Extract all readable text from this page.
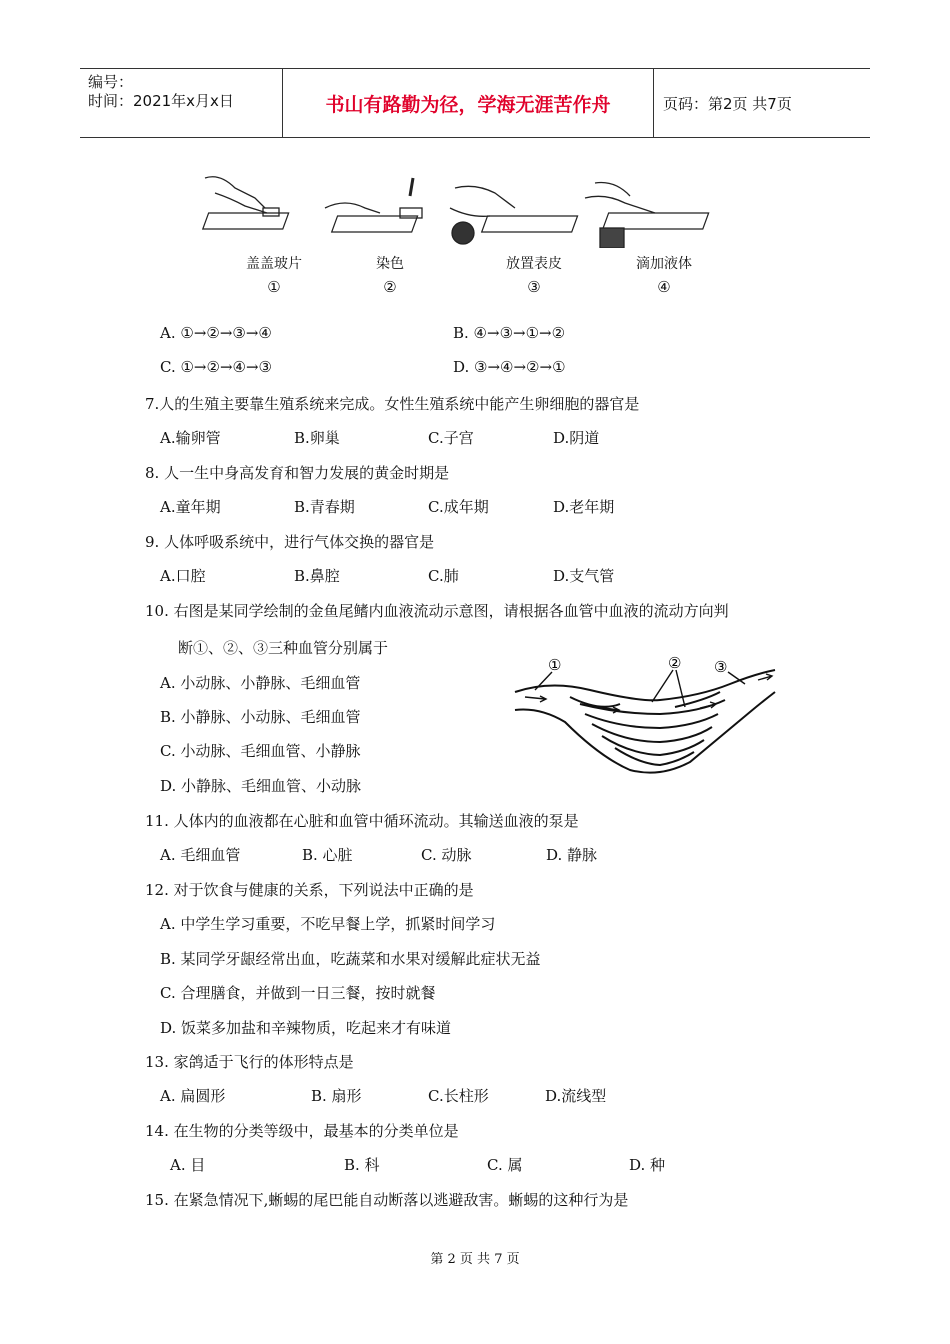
编号：
时间：2021年x月x日	书山有路勤为径，学海无涯苦作舟	页码：第2页 共7页
盖盖玻片	染色	放置表皮	滴加液体
①	②	③	④
A. ①→②→③→④	B. ④→③→①→②
C. ①→②→④→③	D. ③→④→②→①
7.人的生殖主要靠生殖系统来完成。女性生殖系统中能产生卵细胞的器官是
A.输卵管	B.卵巢	C.子宫	D.阴道
8. 人一生中身高发育和智力发展的黄金时期是
A.童年期	B.青春期	C.成年期	D.老年期
9. 人体呼吸系统中，进行气体交换的器官是
A.口腔	B.鼻腔	C.肺	D.支气管
10. 右图是某同学绘制的金鱼尾鳍内血液流动示意图，请根据各血管中血液的流动方向判
断①、②、③三种血管分别属于
A. 小动脉、小静脉、毛细血管
B. 小静脉、小动脉、毛细血管
C. 小动脉、毛细血管、小静脉
D. 小静脉、毛细血管、小动脉
①	② ③
11. 人体内的血液都在心脏和血管中循环流动。其输送血液的泵是
A. 毛细血管	B. 心脏	C. 动脉	D. 静脉
12. 对于饮食与健康的关系，下列说法中正确的是
A. 中学生学习重要，不吃早餐上学，抓紧时间学习
B. 某同学牙龈经常出血，吃蔬菜和水果对缓解此症状无益
C. 合理膳食，并做到一日三餐，按时就餐
D. 饭菜多加盐和辛辣物质，吃起来才有味道
13. 家鸽适于飞行的体形特点是
A. 扁圆形	B. 扇形	C.长柱形	D.流线型
14. 在生物的分类等级中，最基本的分类单位是
A. 目	B. 科	C. 属	D. 种
15. 在紧急情况下,蜥蜴的尾巴能自动断落以逃避敌害。蜥蜴的这种行为是
第 2 页 共 7 页
